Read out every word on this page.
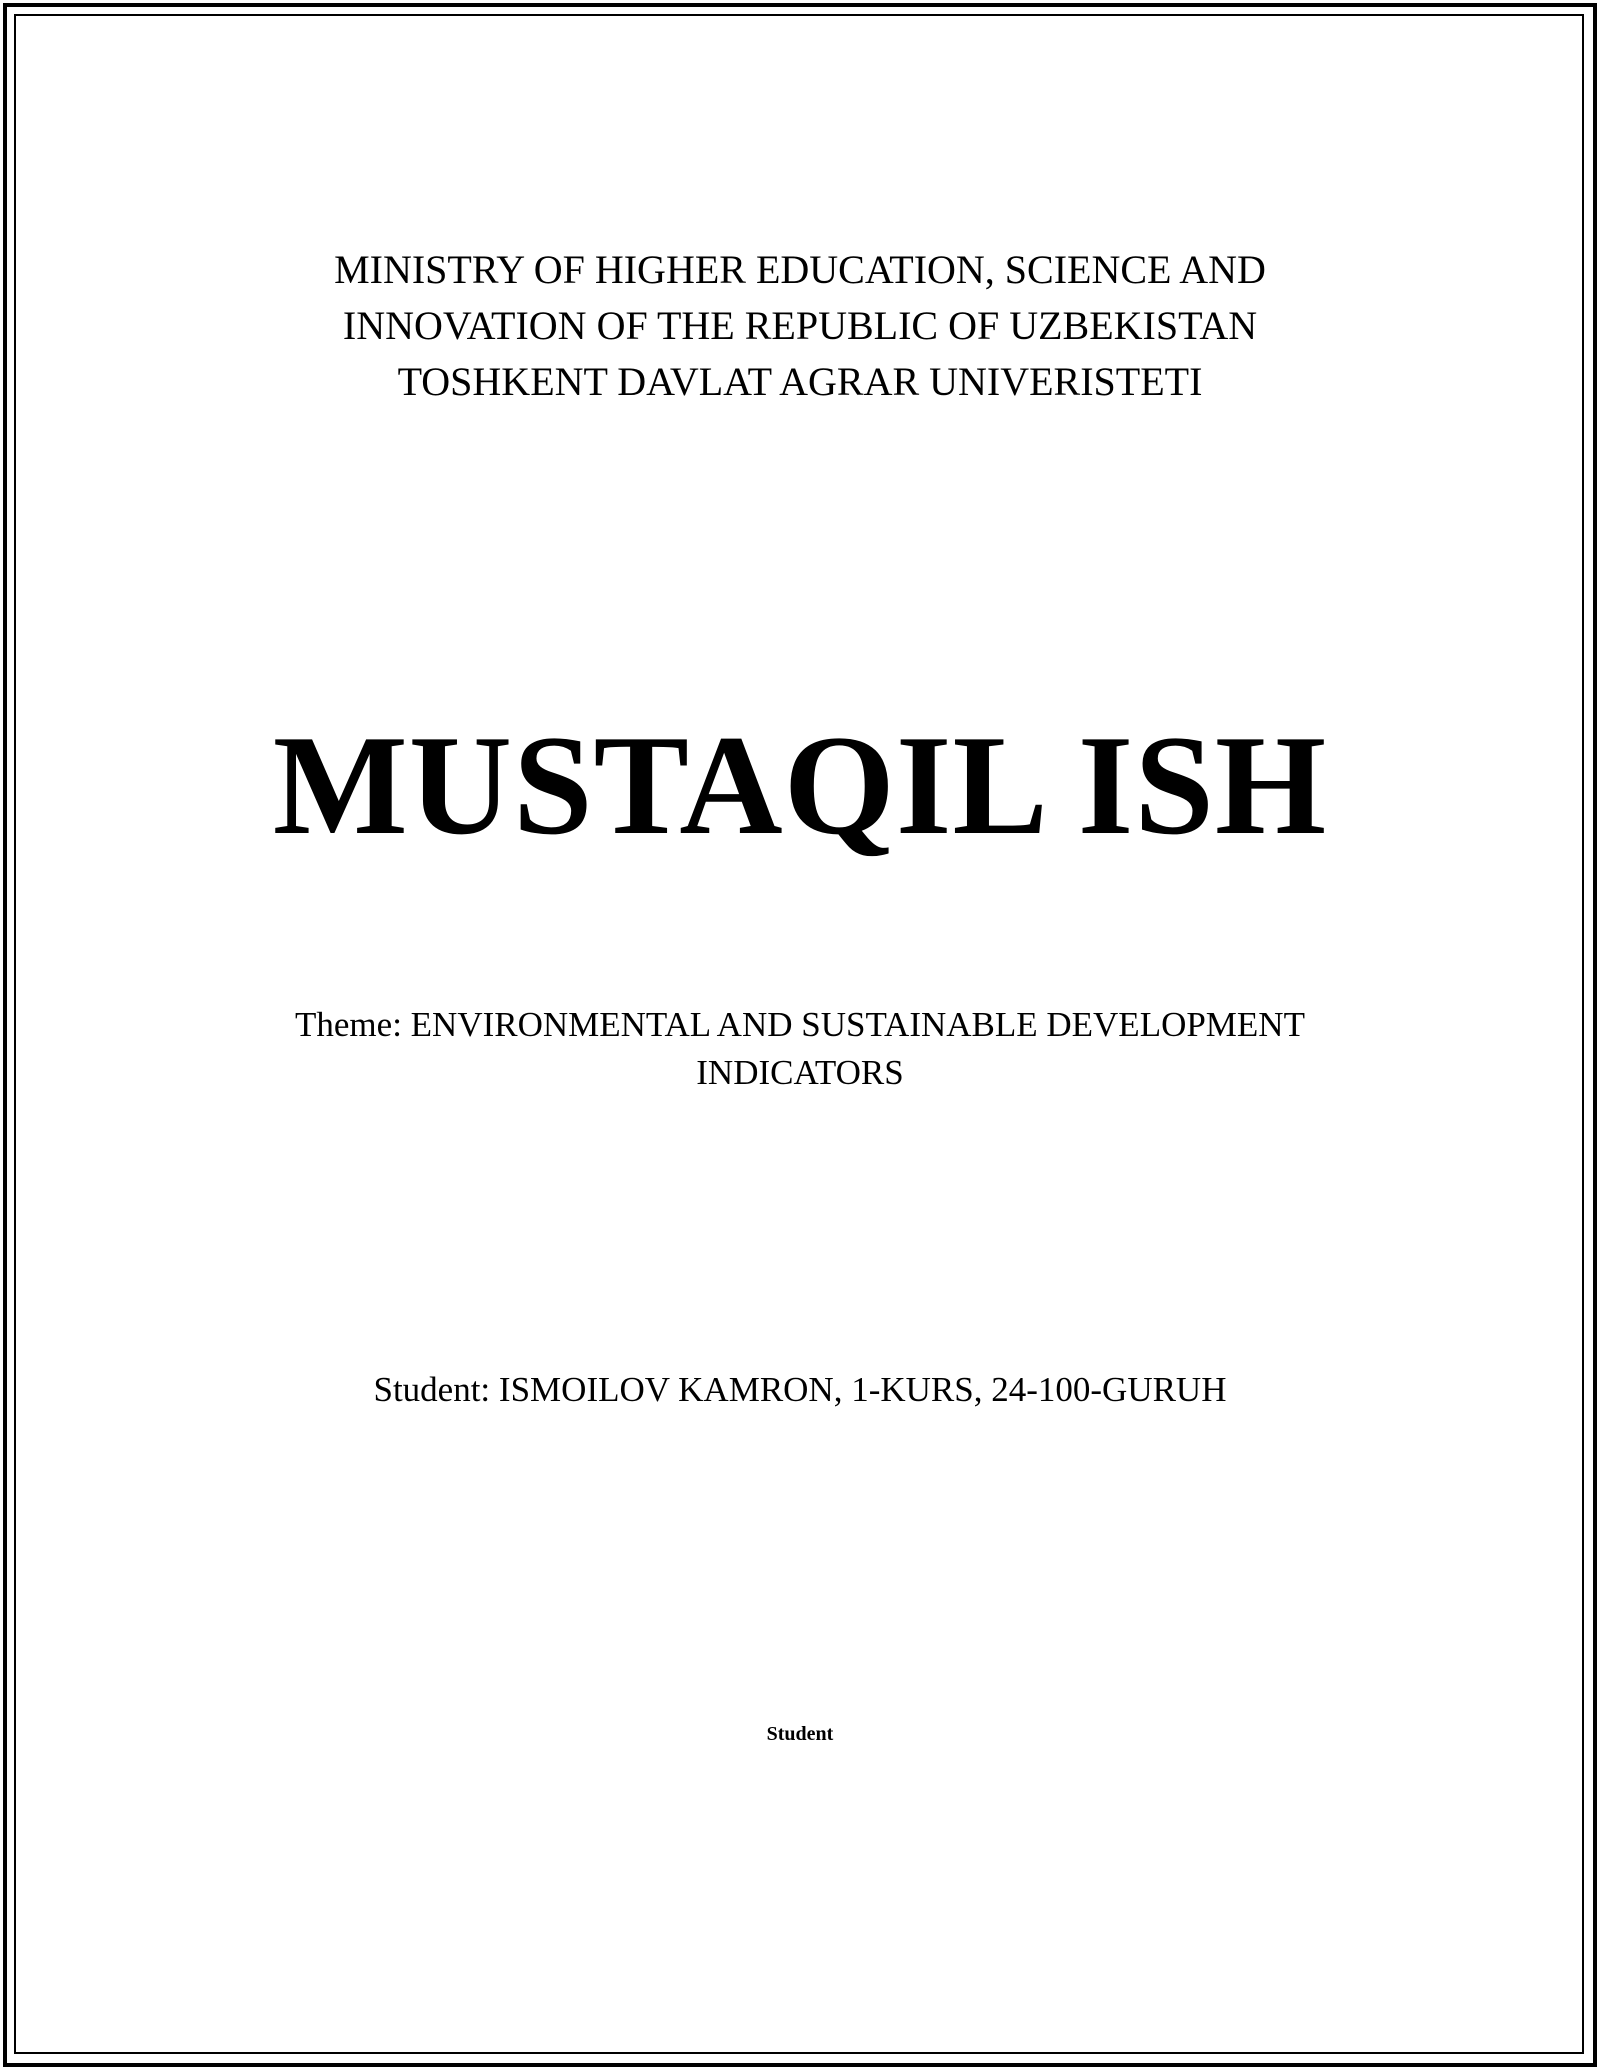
MINISTRY OF HIGHER EDUCATION, SCIENCE AND
INNOVATION OF THE REPUBLIC OF UZBEKISTAN
TOSHKENT DAVLAT AGRAR UNIVERISTETI
MUSTAQIL ISH
Theme: ENVIRONMENTAL AND SUSTAINABLE DEVELOPMENT
INDICATORS
Student: ISMOILOV KAMRON, 1-KURS, 24-100-GURUH
Student
